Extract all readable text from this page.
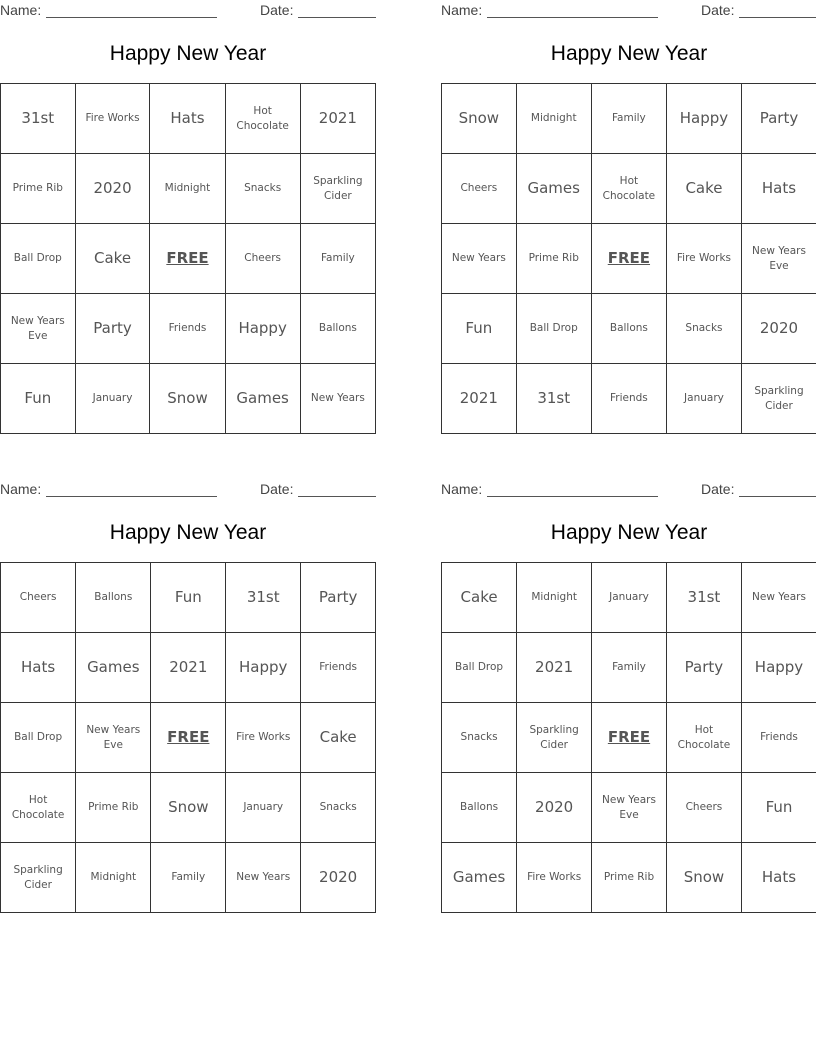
Name:	Date:
Happy New Year
31st	Fire Works	Hats	Hot Chocolate	2021
Prime Rib	2020	Midnight	Snacks	Sparkling Cider
Ball Drop	Cake	FREE	Cheers	Family
New Years Eve	Party	Friends	Happy	Ballons
Fun	January	Snow	Games	New Years
Name:	Date:
Happy New Year
Snow	Midnight	Family	Happy	Party
Cheers	Games	Hot Chocolate	Cake	Hats
New Years	Prime Rib	FREE	Fire Works	New Years Eve
Fun	Ball Drop	Ballons	Snacks	2020
2021	31st	Friends	January	Sparkling Cider
Name:	Date:
Happy New Year
Cheers	Ballons	Fun	31st	Party
Hats	Games	2021	Happy	Friends
Ball Drop	New Years Eve	FREE	Fire Works	Cake
Hot Chocolate	Prime Rib	Snow	January	Snacks
Sparkling Cider	Midnight	Family	New Years	2020
Name:	Date:
Happy New Year
Cake	Midnight	January	31st	New Years
Ball Drop	2021	Family	Party	Happy
Snacks	Sparkling Cider	FREE	Hot Chocolate	Friends
Ballons	2020	New Years Eve	Cheers	Fun
Games	Fire Works	Prime Rib	Snow	Hats
